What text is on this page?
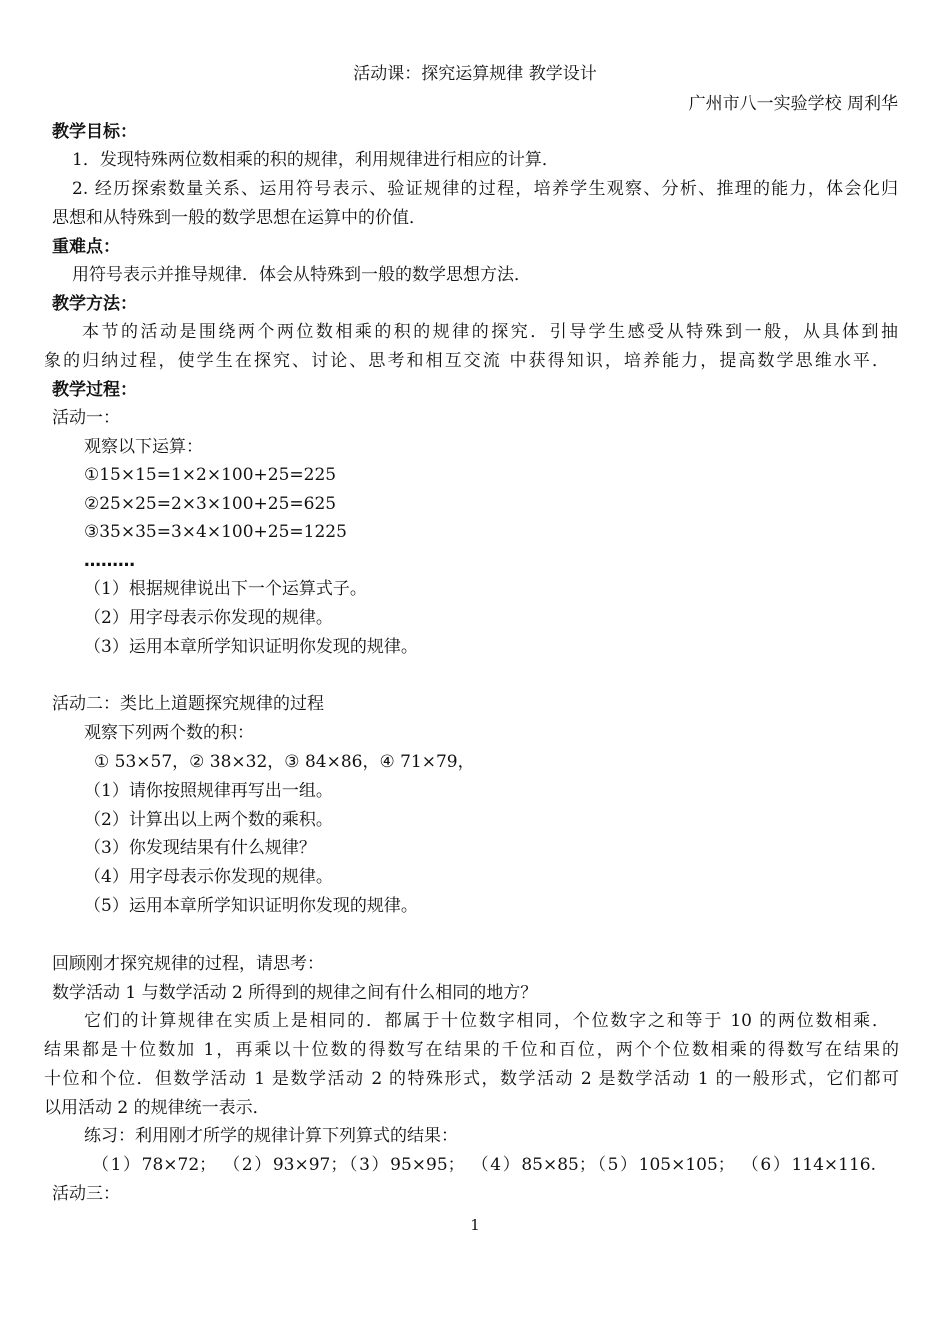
活动课：探究运算规律 教学设计
广州市八一实验学校 周利华
教学目标：
1．发现特殊两位数相乘的积的规律，利用规律进行相应的计算．
2. 经历探索数量关系、运用符号表示、验证规律的过程，培养学生观察、分析、推理的能力，体会化归
思想和从特殊到一般的数学思想在运算中的价值．
重难点：
用符号表示并推导规律．体会从特殊到一般的数学思想方法．
教学方法：
本节的活动是围绕两个两位数相乘的积的规律的探究．引导学生感受从特殊到一般，从具体到抽
象的归纳过程，使学生在探究、讨论、思考和相互交流 中获得知识，培养能力，提高数学思维水平．
教学过程：
活动一：
观察以下运算：
①15×15=1×2×100+25=225
②25×25=2×3×100+25=625
③35×35=3×4×100+25=1225
………
（1）根据规律说出下一个运算式子。
（2）用字母表示你发现的规律。
（3）运用本章所学知识证明你发现的规律。
活动二：类比上道题探究规律的过程
观察下列两个数的积：
① 53×57，② 38×32，③ 84×86，④ 71×79，
（1）请你按照规律再写出一组。
（2）计算出以上两个数的乘积。
（3）你发现结果有什么规律？
（4）用字母表示你发现的规律。
（5）运用本章所学知识证明你发现的规律。
回顾刚才探究规律的过程，请思考：
数学活动 1 与数学活动 2 所得到的规律之间有什么相同的地方？
它们的计算规律在实质上是相同的．都属于十位数字相同，个位数字之和等于 10 的两位数相乘．
结果都是十位数加 1，再乘以十位数的得数写在结果的千位和百位，两个个位数相乘的得数写在结果的
十位和个位．但数学活动 1 是数学活动 2 的特殊形式，数学活动 2 是数学活动 1 的一般形式，它们都可
以用活动 2 的规律统一表示．
练习：利用刚才所学的规律计算下列算式的结果：
（1）78×72； （2）93×97；（3）95×95； （4）85×85；（5）105×105； （6）114×116.
活动三：
1
